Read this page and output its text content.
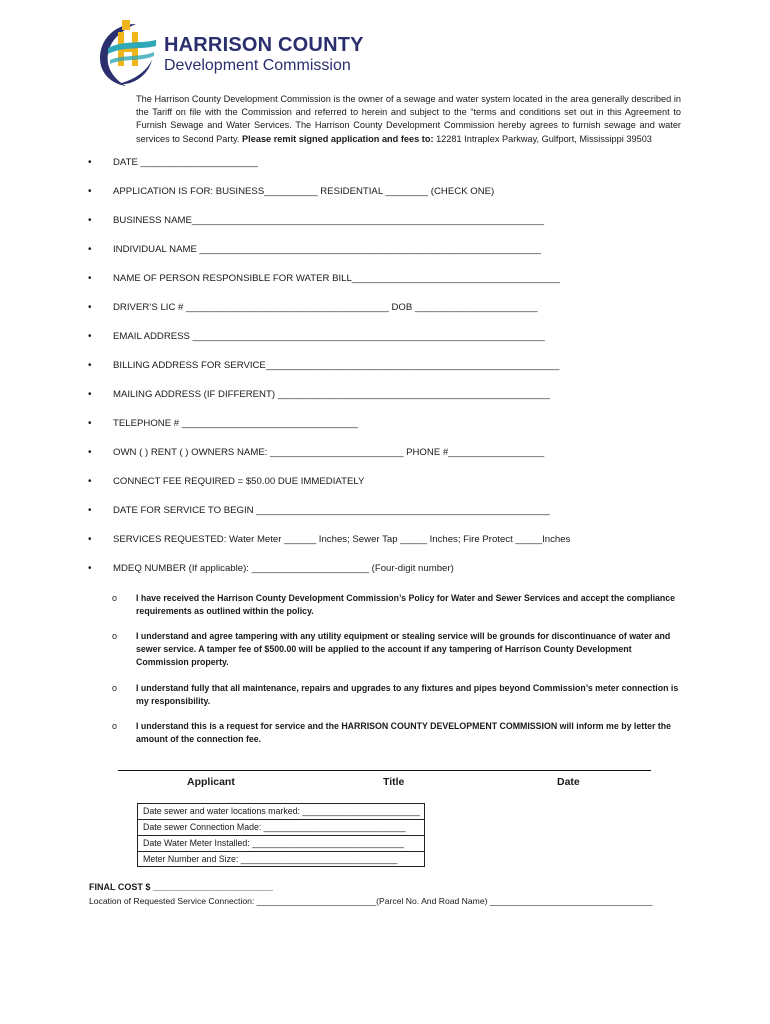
HARRISON COUNTY
Development Commission
The Harrison County Development Commission is the owner of a sewage and water system located in the area generally described in the Tariff on file with the Commission and referred to herein and subject to the “terms and conditions set out in this Agreement to Furnish Sewage and Water Services. The Harrison County Development Commission hereby agrees to furnish sewage and water services to Second Party. Please remit signed application and fees to: 12281 Intraplex Parkway, Gulfport, Mississippi 39503
• DATE ______________________
• APPLICATION IS FOR: BUSINESS__________ RESIDENTIAL ________ (CHECK ONE)
• BUSINESS NAME__________________________________________________________________
• INDIVIDUAL NAME ________________________________________________________________
• NAME OF PERSON RESPONSIBLE FOR WATER BILL_______________________________________
• DRIVER’S LIC # ______________________________________ DOB _______________________
• EMAIL ADDRESS __________________________________________________________________
• BILLING ADDRESS FOR SERVICE_______________________________________________________
• MAILING ADDRESS (IF DIFFERENT) ___________________________________________________
• TELEPHONE # _________________________________
• OWN ( ) RENT ( ) OWNERS NAME: _________________________ PHONE #__________________
• CONNECT FEE REQUIRED = $50.00 DUE IMMEDIATELY
• DATE FOR SERVICE TO BEGIN _______________________________________________________
• SERVICES REQUESTED: Water Meter ______ Inches; Sewer Tap _____ Inches; Fire Protect _____Inches
• MDEQ NUMBER (If applicable): ______________________ (Four-digit number)
o I have received the Harrison County Development Commission’s Policy for Water and Sewer Services and accept the compliance requirements as outlined within the policy.
o I understand and agree tampering with any utility equipment or stealing service will be grounds for discontinuance of water and sewer service. A tamper fee of $500.00 will be applied to the account if any tampering of Harrison County Development Commission property.
o I understand fully that all maintenance, repairs and upgrades to any fixtures and pipes beyond Commission’s meter connection is my responsibility.
o I understand this is a request for service and the HARRISON COUNTY DEVELOPMENT COMMISSION will inform me by letter the amount of the connection fee.
Applicant	Title	Date
Date sewer and water locations marked: ________________________
Date sewer Connection Made: _____________________________
Date Water Meter Installed: _______________________________
Meter Number and Size: ________________________________
FINAL COST $ ________________________
Location of Requested Service Connection: _________________________(Parcel No. And Road Name) __________________________________
